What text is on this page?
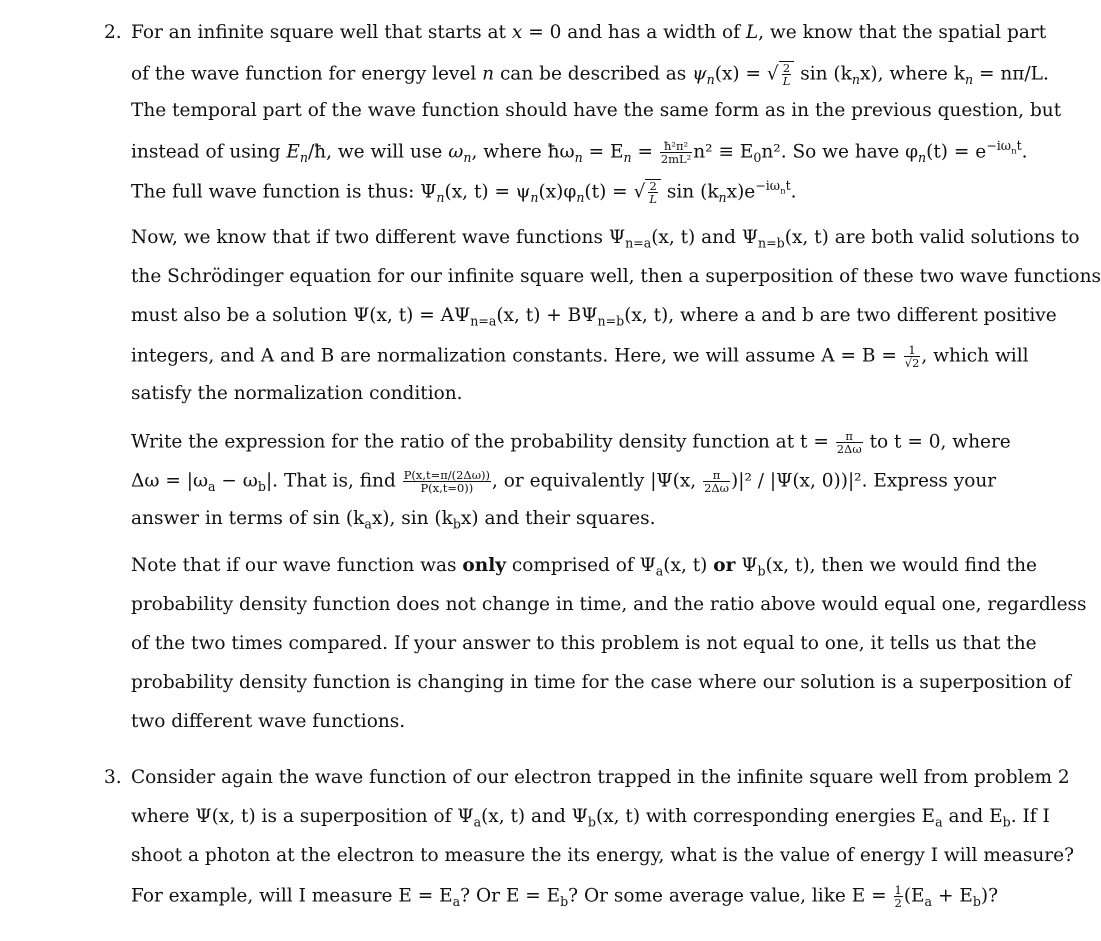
2. For an infinite square well that starts at x = 0 and has a width of L, we know that the spatial part
of the wave function for energy level n can be described as $\psi_n(x)$ = √ $\frac{2}{L}$ $\sin (k_nx)$, where $k_n = n\pi/L$.
The temporal part of the wave function should have the same form as in the previous question, but
instead of using $E_n/ħ$, we will use $\omega_n$, where $ħ\omega_n = E_n = \frac{\text{ħ²π²}}{\text{2mL²}} n^2 \equiv E_0n^2$. So we have $\varphi_n(t) = e^{-i\omega_nt}$.
The full wave function is thus: $\Psi_n(x$, $t) = \psi_n(x)\varphi_n(t)$ = √ $\frac{2}{L}$ $\sin (k_nx)e^{-i\omega_nt}$.
Now, we know that if two different wave functions $\Psi_{n=a}(x$, t) and $\Psi_{n=b}(x$, t) are both valid solutions to
the Schrödinger equation for our infinite square well, then a superposition of these two wave functions
must also be a solution Ψ(x, $t) = A\Psi_{n=a}(x$, $t) + B\Psi_{n=b}(x$, t), where a and b are two different positive
integers, and A and B are normalization constants. Here, we will assume $A = B = \frac{1}{√2}$ , which will
satisfy the normalization condition.
Write the expression for the ratio of the probability density function at $t = \frac{\pi}{2\Delta\omega}$ to t = 0, where
$\Delta\omega = |\omega_a - \omega_b|$. That is, find $\frac{P(x,t=\pi/(2\Delta\omega))}{P(x,t=0))}$ , or equivalently |Ψ(x, $\frac{\pi}{2\Delta\omega} )|^2 / |\Psi(x$, 0))|². Express your
answer in terms of $\sin (k_ax)$, $\sin (k_bx)$ and their squares.
Note that if our wave function was only comprised of $\Psi_a(x$, t) or $\Psi_b(x$, t), then we would find the
probability density function does not change in time, and the ratio above would equal one, regardless
of the two times compared. If your answer to this problem is not equal to one, it tells us that the
probability density function is changing in time for the case where our solution is a superposition of
two different wave functions.
3. Consider again the wave function of our electron trapped in the infinite square well from problem 2
where Ψ(x, t) is a superposition of $\Psi_a(x$, t) and $\Psi_b(x$, t) with corresponding energies $E_a$ and $E_b$. If I
shoot a photon at the electron to measure the its energy, what is the value of energy I will measure?
For example, will I measure $E = E_a$? Or $E = E_b$? Or some average value, like $E = \frac{1}{2} (E_a + E_b)$?
